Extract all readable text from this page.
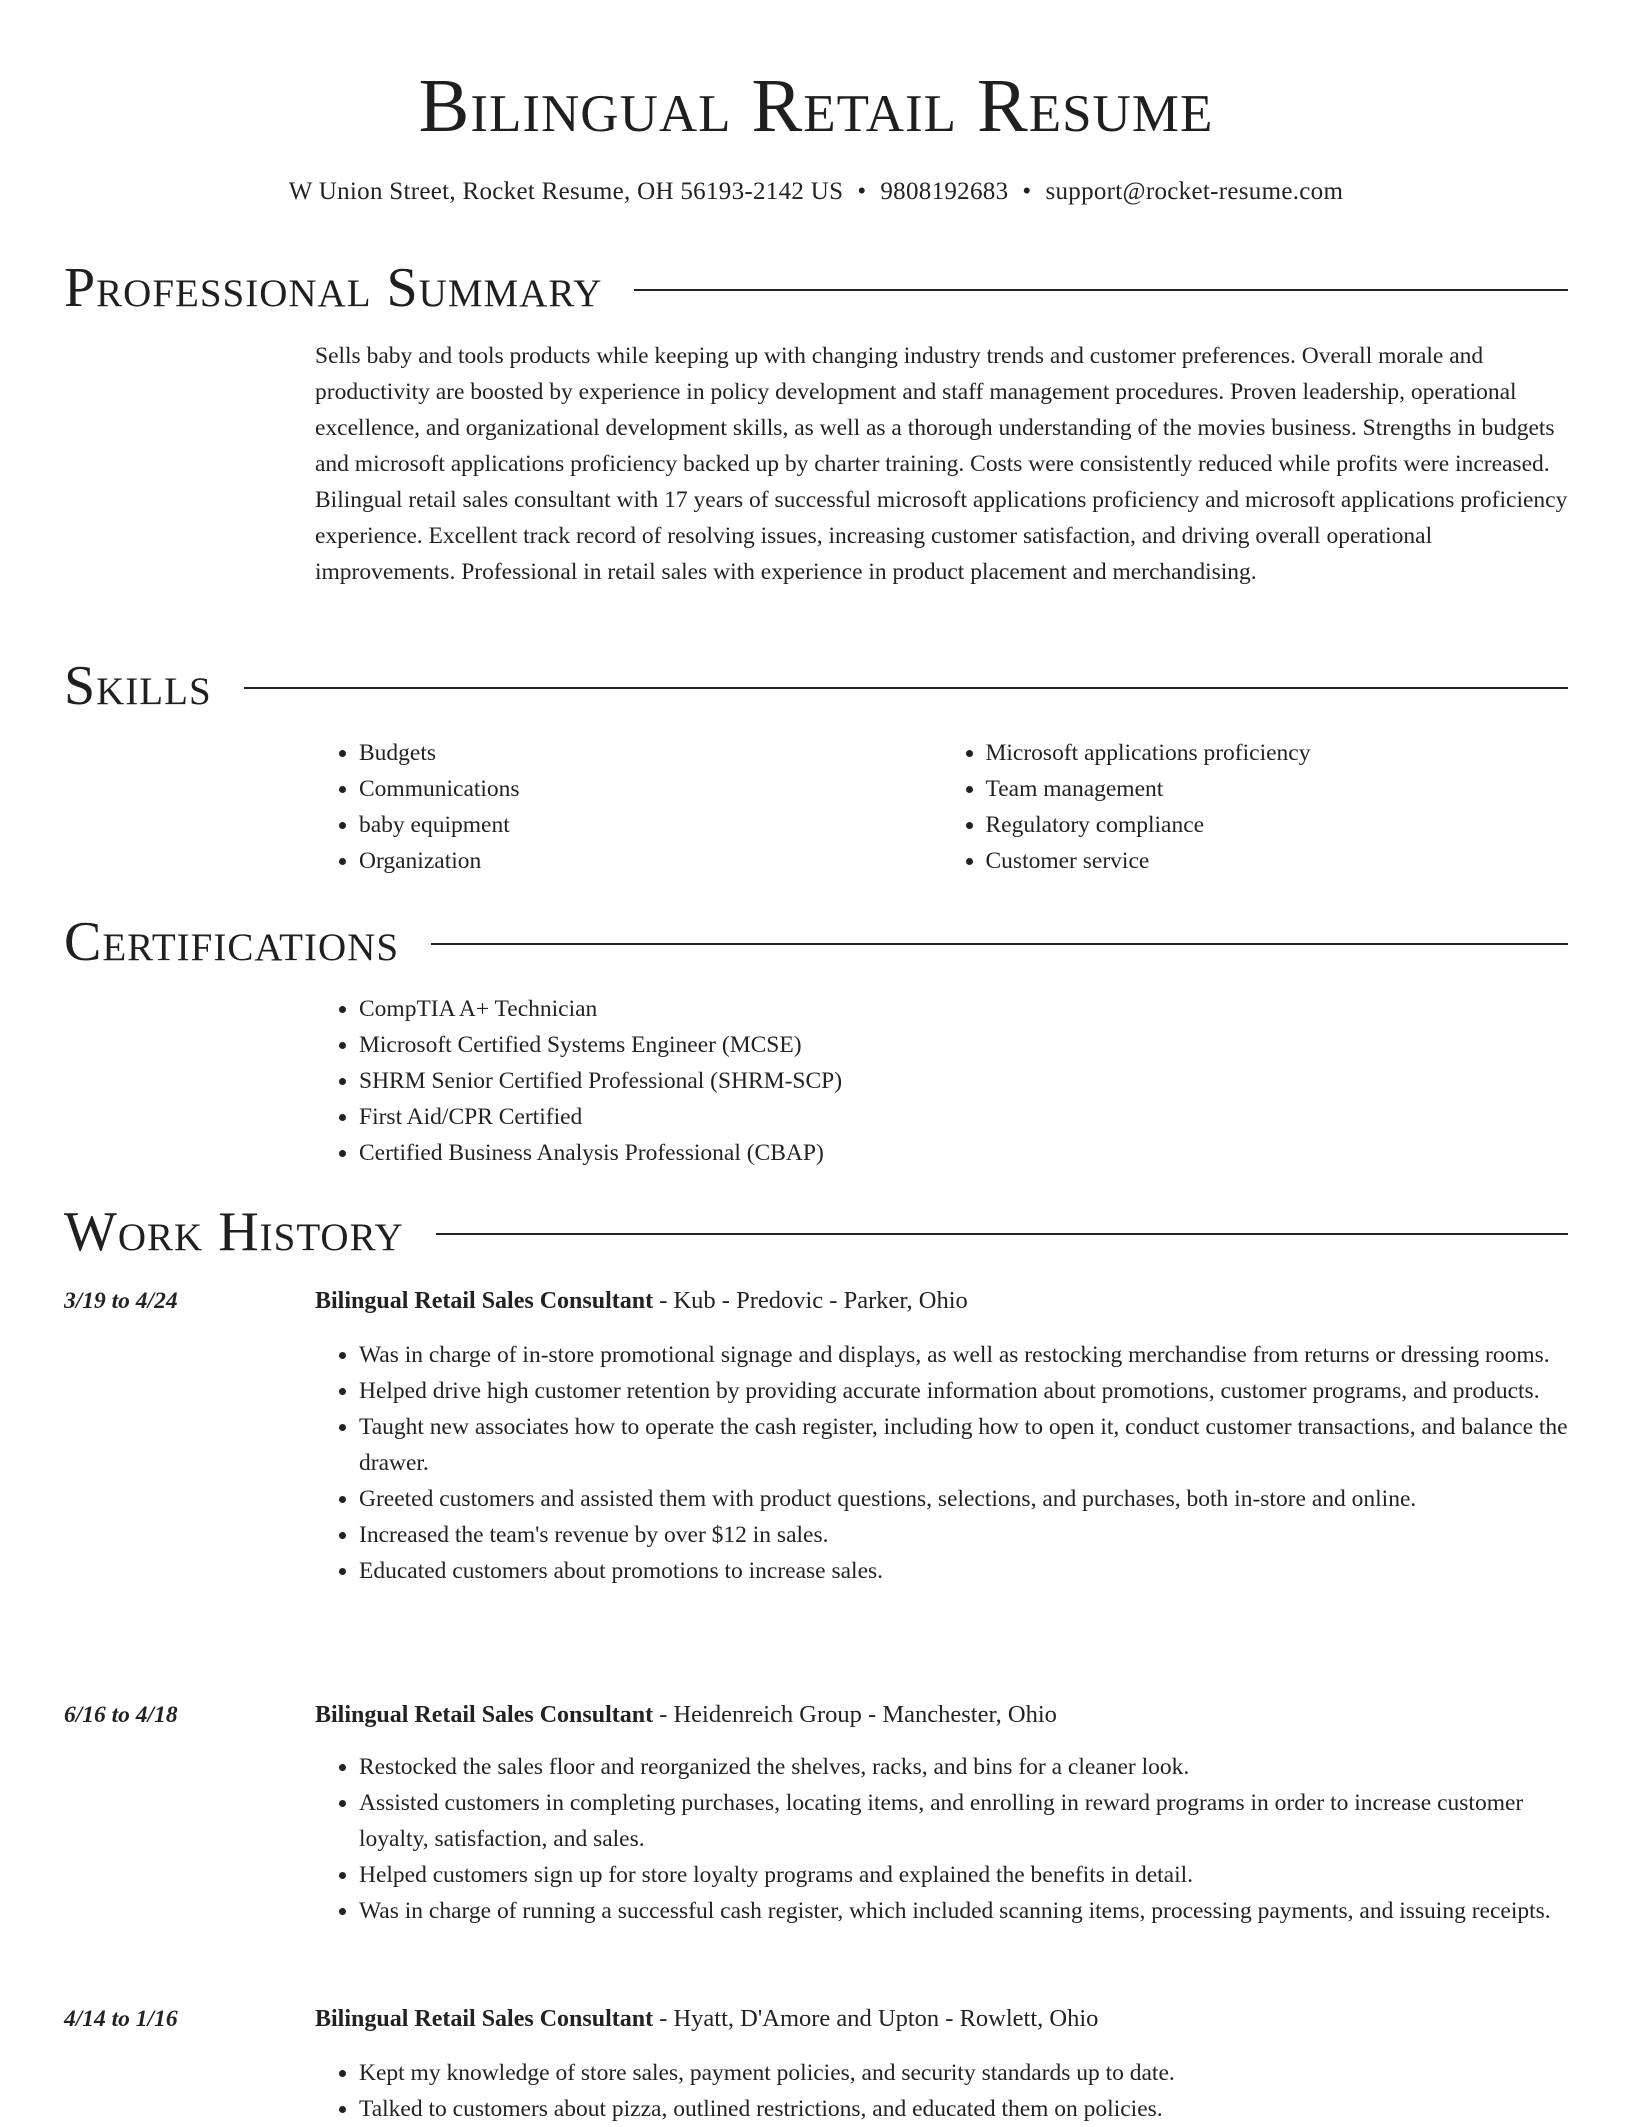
Bilingual Retail Resume
W Union Street, Rocket Resume, OH 56193-2142 US • 9808192683 • support@rocket-resume.com
Professional Summary

Sells baby and tools products while keeping up with changing industry trends and customer preferences. Overall morale and productivity are boosted by experience in policy development and staff management procedures. Proven leadership, operational excellence, and organizational development skills, as well as a thorough understanding of the movies business. Strengths in budgets and microsoft applications proficiency backed up by charter training. Costs were consistently reduced while profits were increased. Bilingual retail sales consultant with 17 years of successful microsoft applications proficiency and microsoft applications proficiency experience. Excellent track record of resolving issues, increasing customer satisfaction, and driving overall operational improvements. Professional in retail sales with experience in product placement and merchandising.

Skills
• Budgets
• Communications
• baby equipment
• Organization
• Microsoft applications proficiency
• Team management
• Regulatory compliance
• Customer service
Certifications
• CompTIA A+ Technician
• Microsoft Certified Systems Engineer (MCSE)
• SHRM Senior Certified Professional (SHRM-SCP)
• First Aid/CPR Certified
• Certified Business Analysis Professional (CBAP)
Work History
3/19 to 4/24	Bilingual Retail Sales Consultant - Kub - Predovic - Parker, Ohio
• Was in charge of in-store promotional signage and displays, as well as restocking merchandise from returns or dressing rooms.
• Helped drive high customer retention by providing accurate information about promotions, customer programs, and products.
• Taught new associates how to operate the cash register, including how to open it, conduct customer transactions, and balance the drawer.
• Greeted customers and assisted them with product questions, selections, and purchases, both in-store and online.
• Increased the team's revenue by over $12 in sales.
• Educated customers about promotions to increase sales.
6/16 to 4/18	Bilingual Retail Sales Consultant - Heidenreich Group - Manchester, Ohio
• Restocked the sales floor and reorganized the shelves, racks, and bins for a cleaner look.
• Assisted customers in completing purchases, locating items, and enrolling in reward programs in order to increase customer loyalty, satisfaction, and sales.
• Helped customers sign up for store loyalty programs and explained the benefits in detail.
• Was in charge of running a successful cash register, which included scanning items, processing payments, and issuing receipts.
4/14 to 1/16	Bilingual Retail Sales Consultant - Hyatt, D'Amore and Upton - Rowlett, Ohio
• Kept my knowledge of store sales, payment policies, and security standards up to date.
• Talked to customers about pizza, outlined restrictions, and educated them on policies.
